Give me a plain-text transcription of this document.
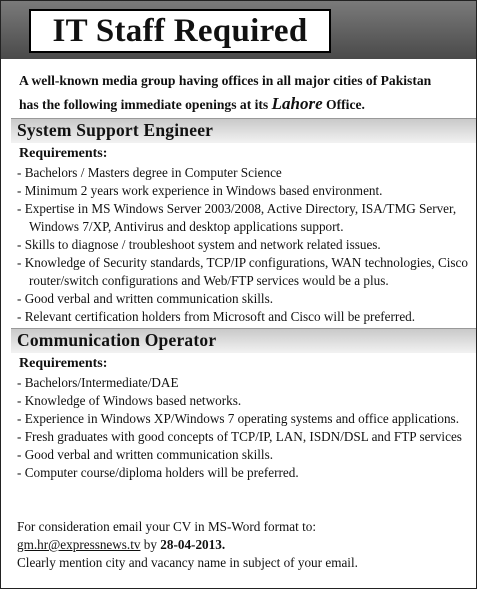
IT Staff Required
A well-known media group having offices in all major cities of Pakistan
has the following immediate openings at its Lahore Office.
System Support Engineer
Requirements:
- Bachelors / Masters degree in Computer Science
- Minimum 2 years work experience in Windows based environment.
- Expertise in MS Windows Server 2003/2008, Active Directory, ISA/TMG Server, Windows 7/XP, Antivirus and desktop applications support.
- Skills to diagnose / troubleshoot system and network related issues.
- Knowledge of Security standards, TCP/IP configurations, WAN technologies, Cisco router/switch configurations and Web/FTP services would be a plus.
- Good verbal and written communication skills.
- Relevant certification holders from Microsoft and Cisco will be preferred.
Communication Operator
Requirements:
- Bachelors/Intermediate/DAE
- Knowledge of Windows based networks.
- Experience in Windows XP/Windows 7 operating systems and office applications.
- Fresh graduates with good concepts of TCP/IP, LAN, ISDN/DSL and FTP services
- Good verbal and written communication skills.
- Computer course/diploma holders will be preferred.
For consideration email your CV in MS-Word format to:
gm.hr@expressnews.tv by 28-04-2013.
Clearly mention city and vacancy name in subject of your email.
